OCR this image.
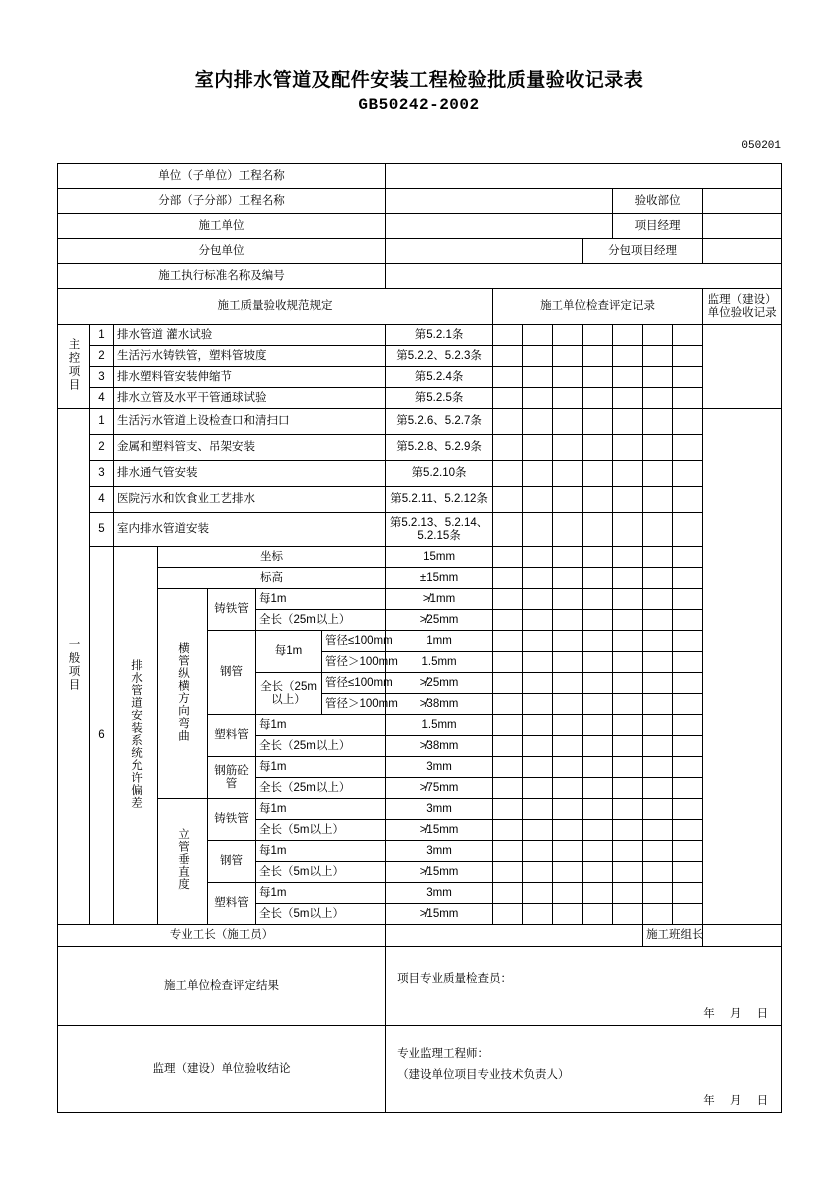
室内排水管道及配件安装工程检验批质量验收记录表
GB50242-2002
050201
单位（子单位）工程名称															
分部（子分部）工程名称												验收部位			
施工单位												项目经理			
分包单位											分包项目经理				
施工执行标准名称及编号															
施工质量验收规范规定								施工单位检查评定记录							监理（建设）
单位验收记录

主控项目	1	排水管道 灌水试验					第5.2.1条								
	2	生活污水铸铁管，塑料管坡度					第5.2.2、5.2.3条								
	3	排水塑料管安装伸缩节					第5.2.4条								
	4	排水立管及水平干管通球试验					第5.2.5条								
一般项目	1	生活污水管道上设检查口和清扫口					第5.2.6、5.2.7条								
	2	金属和塑料管支、吊架安装					第5.2.8、5.2.9条								
	3	排水通气管安装					第5.2.10条								
	4	医院污水和饮食业工艺排水					第5.2.11、5.2.12条								
	5	室内排水管道安装					第5.2.13、5.2.14、5.2.15条								
	6	排水管道安装系统允许偏差	坐标				15mm								
			标高				±15mm								
			横管纵横方向弯曲	铸铁管	每1m		≯1mm								
					全长（25m以上）		≯25mm								
				钢管	每1m	管径≤100mm	1mm								
						管径＞100mm	1.5mm								
					全长（25m以上）	管径≤100mm	≯25mm								
						管径＞100mm	≯38mm								
				塑料管	每1m		1.5mm								
					全长（25m以上）		≯38mm								

				钢筋砼管	每1m		3mm								
					全长（25m以上）		≯75mm								
			立管垂直度	铸铁管	每1m		3mm								
					全长（5m以上）		≯15mm								
				钢管	每1m		3mm								
					全长（5m以上）		≯15mm								
				塑料管	每1m		3mm								
					全长（5m以上）		≯15mm								
专业工长（施工员）													施工班组长		
施工单位检查评定结果							项目专业质量检查员：
年 月 日								

监理（建设）单位验收结论							专业监理工程师：
（建设单位项目专业技术负责人）
年 月 日								
